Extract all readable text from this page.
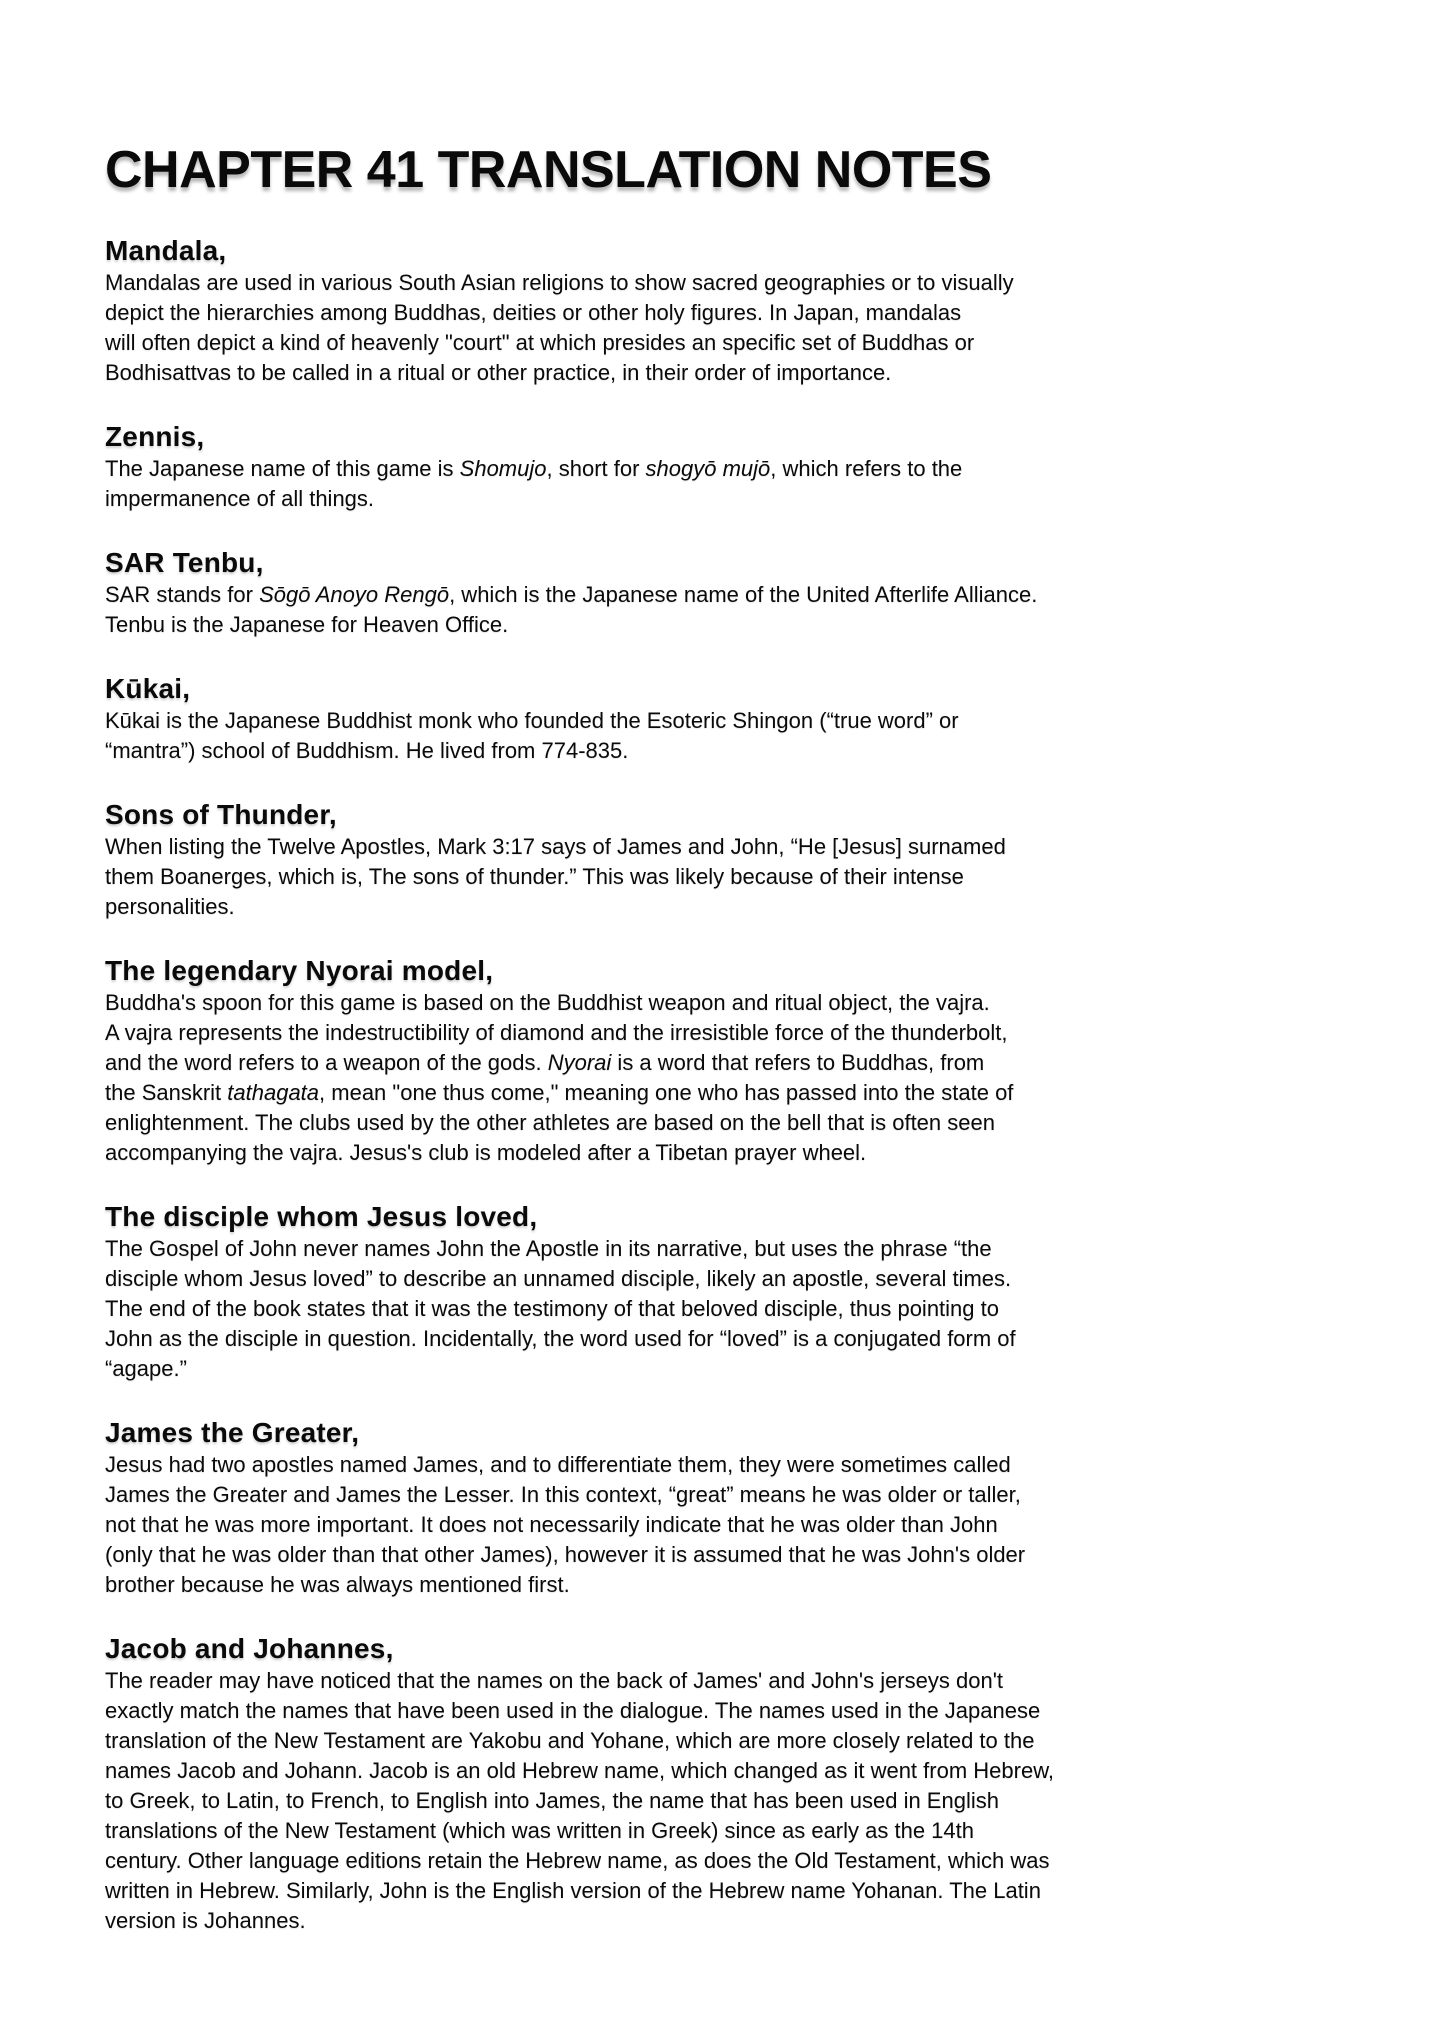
CHAPTER 41 TRANSLATION NOTES
Mandala,

Mandalas are used in various South Asian religions to show sacred geographies or to visually
depict the hierarchies among Buddhas, deities or other holy figures. In Japan, mandalas
will often depict a kind of heavenly "court" at which presides an specific set of Buddhas or
Bodhisattvas to be called in a ritual or other practice, in their order of importance.

Zennis,

The Japanese name of this game is Shomujo, short for shogyō mujō, which refers to the
impermanence of all things.

SAR Tenbu,

SAR stands for Sōgō Anoyo Rengō, which is the Japanese name of the United Afterlife Alliance.
Tenbu is the Japanese for Heaven Office.

Kūkai,

Kūkai is the Japanese Buddhist monk who founded the Esoteric Shingon (“true word” or
“mantra”) school of Buddhism. He lived from 774-835.

Sons of Thunder,

When listing the Twelve Apostles, Mark 3:17 says of James and John, “He [Jesus] surnamed
them Boanerges, which is, The sons of thunder.” This was likely because of their intense
personalities.

The legendary Nyorai model,

Buddha's spoon for this game is based on the Buddhist weapon and ritual object, the vajra.
A vajra represents the indestructibility of diamond and the irresistible force of the thunderbolt,
and the word refers to a weapon of the gods. Nyorai is a word that refers to Buddhas, from
the Sanskrit tathagata, mean "one thus come," meaning one who has passed into the state of
enlightenment. The clubs used by the other athletes are based on the bell that is often seen
accompanying the vajra. Jesus's club is modeled after a Tibetan prayer wheel.

The disciple whom Jesus loved,

The Gospel of John never names John the Apostle in its narrative, but uses the phrase “the
disciple whom Jesus loved” to describe an unnamed disciple, likely an apostle, several times.
The end of the book states that it was the testimony of that beloved disciple, thus pointing to
John as the disciple in question. Incidentally, the word used for “loved” is a conjugated form of
“agape.”

James the Greater,

Jesus had two apostles named James, and to differentiate them, they were sometimes called
James the Greater and James the Lesser. In this context, “great” means he was older or taller,
not that he was more important. It does not necessarily indicate that he was older than John
(only that he was older than that other James), however it is assumed that he was John's older
brother because he was always mentioned first.

Jacob and Johannes,

The reader may have noticed that the names on the back of James' and John's jerseys don't
exactly match the names that have been used in the dialogue. The names used in the Japanese
translation of the New Testament are Yakobu and Yohane, which are more closely related to the
names Jacob and Johann. Jacob is an old Hebrew name, which changed as it went from Hebrew,
to Greek, to Latin, to French, to English into James, the name that has been used in English
translations of the New Testament (which was written in Greek) since as early as the 14th
century. Other language editions retain the Hebrew name, as does the Old Testament, which was
written in Hebrew. Similarly, John is the English version of the Hebrew name Yohanan. The Latin
version is Johannes.
